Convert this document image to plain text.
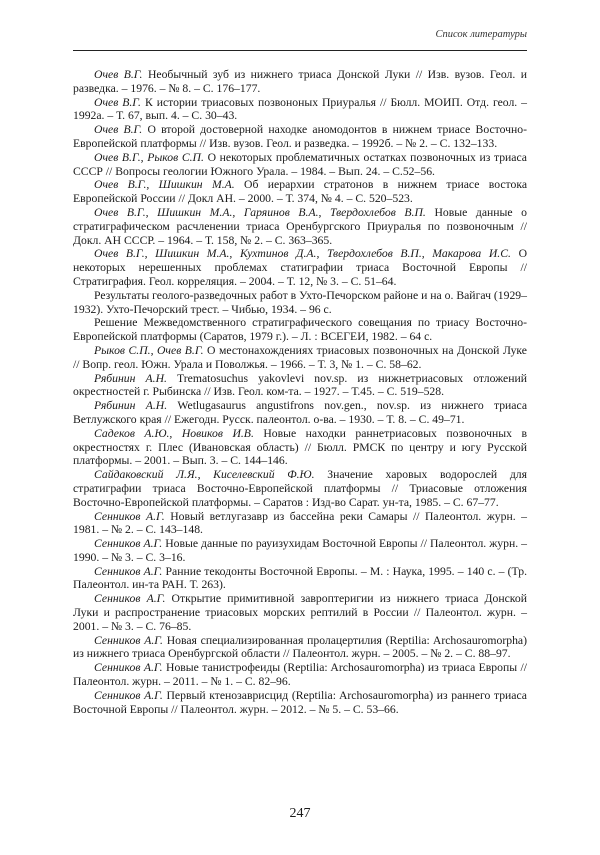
Список литературы

Очев В.Г. Необычный зуб из нижнего триаса Донской Луки // Изв. вузов. Геол. и разведка. – 1976. – № 8. – С. 176–177.

Очев В.Г. К истории триасовых позвононых Приуралья // Бюлл. МОИП. Отд. геол. – 1992а. – Т. 67, вып. 4. – С. 30–43.

Очев В.Г. О второй достоверной находке аномодонтов в нижнем триасе Восточно-Европейской платформы // Изв. вузов. Геол. и разведка. – 1992б. – № 2. – С. 132–133.

Очев В.Г., Рыков С.П. О некоторых проблематичных остатках позвоночных из триаса СССР // Вопросы геологии Южного Урала. – 1984. – Вып. 24. – С.52–56.

Очев В.Г., Шишкин М.А. Об иерархии стратонов в нижнем триасе востока Европейской России // Докл АН. – 2000. – Т. 374, № 4. – С. 520–523.

Очев В.Г., Шишкин М.А., Гаряинов В.А., Твердохлебов В.П. Новые данные о стратиграфическом расчленении триаса Оренбургского Приуралья по позвоночным // Докл. АН СССР. – 1964. – Т. 158, № 2. – С. 363–365.

Очев В.Г., Шишкин М.А., Кухтинов Д.А., Твердохлебов В.П., Макарова И.С. О некоторых нерешенных проблемах статиграфии триаса Восточной Европы // Стратиграфия. Геол. корреляция. – 2004. – Т. 12, № 3. – С. 51–64.

Результаты геолого-разведочных работ в Ухто-Печорском районе и на о. Вайгач (1929–1932). Ухто-Печорский трест. – Чибью, 1934. – 96 с.

Решение Межведомственного стратиграфического совещания по триасу Восточно-Европейской платформы (Саратов, 1979 г.). – Л. : ВСЕГЕИ, 1982. – 64 с.

Рыков С.П., Очев В.Г. О местонахождениях триасовых позвоночных на Донской Луке // Вопр. геол. Южн. Урала и Поволжья. – 1966. – Т. 3, № 1. – С. 58–62.

Рябинин А.Н. Trematosuchus yakovlevi nov.sp. из нижнетриасовых отложений окрестностей г. Рыбинска // Изв. Геол. ком-та. – 1927. – Т.45. – С. 519–528.

Рябинин А.Н. Wetlugasaurus angustifrons nov.gen., nov.sp. из нижнего триаса Ветлужского края // Ежегодн. Русск. палеонтол. о-ва. – 1930. – Т. 8. – С. 49–71.

Садеков А.Ю., Новиков И.В. Новые находки раннетриасовых позвоночных в окрестностях г. Плес (Ивановская область) // Бюлл. РМСК по центру и югу Русской платформы. – 2001. – Вып. 3. – С. 144–146.

Сайдаковский Л.Я., Киселевский Ф.Ю. Значение харовых водорослей для стратиграфии триаса Восточно-Европейской платформы // Триасовые отложения Восточно-Европейской платформы. – Саратов : Изд-во Сарат. ун-та, 1985. – С. 67–77.

Сенников А.Г. Новый ветлугазавр из бассейна реки Самары // Палеонтол. журн. – 1981. – № 2. – С. 143–148.

Сенников А.Г. Новые данные по рауизухидам Восточной Европы // Палеонтол. журн. – 1990. – № 3. – С. 3–16.

Сенников А.Г. Ранние текодонты Восточной Европы. – М. : Наука, 1995. – 140 с. – (Тр. Палеонтол. ин-та РАН. Т. 263).

Сенников А.Г. Открытие примитивной завроптеригии из нижнего триаса Донской Луки и распространение триасовых морских рептилий в России // Палеонтол. журн. – 2001. – № 3. – С. 76–85.

Сенников А.Г. Новая специализированная пролацертилия (Reptilia: Archosauromorpha) из нижнего триаса Оренбургской области // Палеонтол. журн. – 2005. – № 2. – С. 88–97.

Сенников А.Г. Новые танистрофеиды (Reptilia: Archosauromorpha) из триаса Европы // Палеонтол. журн. – 2011. – № 1. – С. 82–96.

Сенников А.Г. Первый ктенозаврисцид (Reptilia: Archosauromorpha) из раннего триаса Восточной Европы // Палеонтол. журн. – 2012. – № 5. – С. 53–66.

247
